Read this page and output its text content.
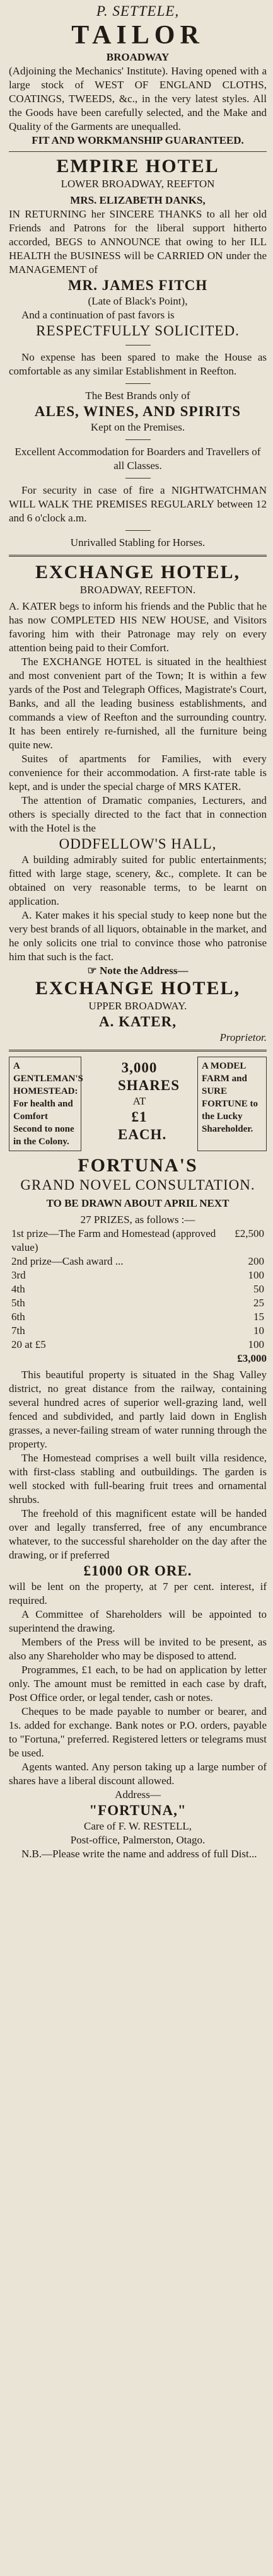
P. SETTELE,
TAILOR
BROADWAY

(Adjoining the Mechanics' Institute). Having opened with a large stock of WEST OF ENGLAND CLOTHS, COATINGS, TWEEDS, &c., in the very latest styles. All the Goods have been carefully selected, and the Make and Quality of the Garments are unequalled.

FIT AND WORKMANSHIP GUARANTEED.
EMPIRE HOTEL
LOWER BROADWAY, REEFTON
MRS. ELIZABETH DANKS,

IN RETURNING her SINCERE THANKS to all her old Friends and Patrons for the liberal support hitherto accorded, BEGS to ANNOUNCE that owing to her ILL HEALTH the BUSINESS will be CARRIED ON under the MANAGEMENT of

MR. JAMES FITCH
(Late of Black's Point),

And a continuation of past favors is

RESPECTFULLY SOLICITED.

No expense has been spared to make the House as comfortable as any similar Establishment in Reefton.

The Best Brands only of
ALES, WINES, AND SPIRITS
Kept on the Premises.

Excellent Accommodation for Boarders and Travellers of all Classes.

For security in case of fire a NIGHTWATCHMAN WILL WALK THE PREMISES REGULARLY between 12 and 6 o'clock a.m.

Unrivalled Stabling for Horses.
EXCHANGE HOTEL,
BROADWAY, REEFTON.

A. KATER begs to inform his friends and the Public that he has now COMPLETED HIS NEW HOUSE, and Visitors favoring him with their Patronage may rely on every attention being paid to their Comfort.

The EXCHANGE HOTEL is situated in the healthiest and most convenient part of the Town; It is within a few yards of the Post and Telegraph Offices, Magistrate's Court, Banks, and all the leading business establishments, and commands a view of Reefton and the surrounding country. It has been entirely re-furnished, all the furniture being quite new.

Suites of apartments for Families, with every convenience for their accommodation. A first-rate table is kept, and is under the special charge of MRS KATER.

The attention of Dramatic companies, Lecturers, and others is specially directed to the fact that in connection with the Hotel is the

ODDFELLOW'S HALL,

A building admirably suited for public entertainments; fitted with large stage, scenery, &c., complete. It can be obtained on very reasonable terms, to be learnt on application.

A. Kater makes it his special study to keep none but the very best brands of all liquors, obtainable in the market, and he only solicits one trial to convince those who patronise him that such is the fact.

☞ Note the Address—
EXCHANGE HOTEL,
UPPER BROADWAY.
A. KATER,
Proprietor.
A GENTLEMAN'S HOMESTEAD: For health and Comfort Second to none in the Colony.
3,000
SHARES
AT
£1 EACH.
A MODEL FARM and SURE FORTUNE to the Lucky Shareholder.
FORTUNA'S
GRAND NOVEL CONSULTATION.
TO BE DRAWN ABOUT APRIL NEXT
27 PRIZES, as follows :—
1st prize—The Farm and Homestead (approved value)	£2,500
2nd prize—Cash award ...	200
3rd	100
4th	50
5th	25
6th	15
7th	10
20 at £5	100
£3,000

This beautiful property is situated in the Shag Valley district, no great distance from the railway, containing several hundred acres of superior well-grazing land, well fenced and subdivided, and partly laid down in English grasses, a never-failing stream of water running through the property.

The Homestead comprises a well built villa residence, with first-class stabling and outbuildings. The garden is well stocked with full-bearing fruit trees and ornamental shrubs.

The freehold of this magnificent estate will be handed over and legally transferred, free of any encumbrance whatever, to the successful shareholder on the day after the drawing, or if preferred

£1000 OR ORE.

will be lent on the property, at 7 per cent. interest, if required.

A Committee of Shareholders will be appointed to superintend the drawing.

Members of the Press will be invited to be present, as also any Shareholder who may be disposed to attend.

Programmes, £1 each, to be had on application by letter only. The amount must be remitted in each case by draft, Post Office order, or legal tender, cash or notes.

Cheques to be made payable to number or bearer, and 1s. added for exchange. Bank notes or P.O. orders, payable to "Fortuna," preferred. Registered letters or telegrams must be used.

Agents wanted. Any person taking up a large number of shares have a liberal discount allowed.

Address—
"FORTUNA,"
Care of F. W. RESTELL,
Post-office, Palmerston, Otago.

N.B.—Please write the name and address of full Dist...
